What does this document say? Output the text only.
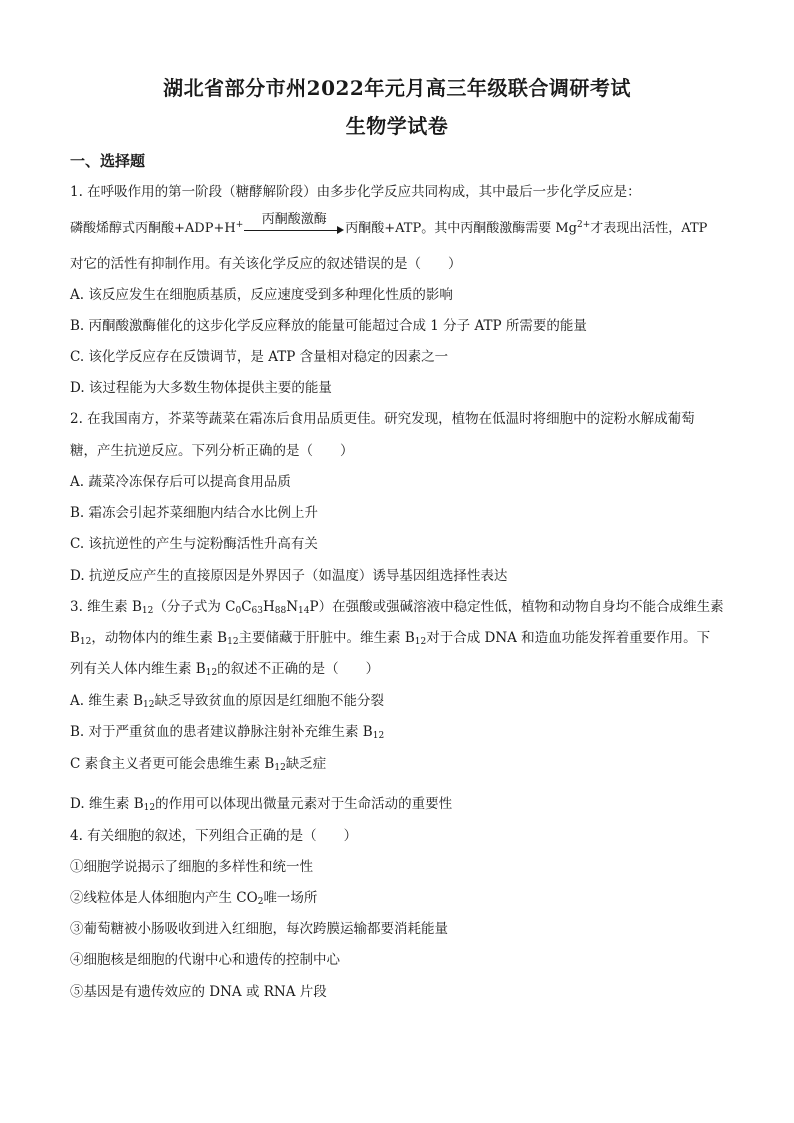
湖北省部分市州2022年元月高三年级联合调研考试
生物学试卷
一、选择题
1. 在呼吸作用的第一阶段（糖酵解阶段）由多步化学反应共同构成，其中最后一步化学反应是：
磷酸烯醇式丙酮酸+ADP+H+	丙酮酸激酶
丙酮酸+ATP。其中丙酮酸激酶需要 $Mg^{2+}$才表现出活性，ATP
对它的活性有抑制作用。有关该化学反应的叙述错误的是（　　）
A. 该反应发生在细胞质基质，反应速度受到多种理化性质的影响
B. 丙酮酸激酶催化的这步化学反应释放的能量可能超过合成 1 分子 ATP 所需要的能量
C. 该化学反应存在反馈调节，是 ATP 含量相对稳定的因素之一
D. 该过程能为大多数生物体提供主要的能量
2. 在我国南方，芥菜等蔬菜在霜冻后食用品质更佳。研究发现，植物在低温时将细胞中的淀粉水解成葡萄
糖，产生抗逆反应。下列分析正确的是（　　）
A. 蔬菜冷冻保存后可以提高食用品质
B. 霜冻会引起芥菜细胞内结合水比例上升
C. 该抗逆性的产生与淀粉酶活性升高有关
D. 抗逆反应产生的直接原因是外界因子（如温度）诱导基因组选择性表达
3. 维生素 $B_{12}$（分子式为 $C_0C_{63}H_{88}N_{14}P$）在强酸或强碱溶液中稳定性低，植物和动物自身均不能合成维生素
$B_{12}$，动物体内的维生素 $B_{12}$主要储藏于肝脏中。维生素 $B_{12}$对于合成 DNA 和造血功能发挥着重要作用。下
列有关人体内维生素 $B_{12}$的叙述不正确的是（　　）
A. 维生素 $B_{12}$缺乏导致贫血的原因是红细胞不能分裂
B. 对于严重贫血的患者建议静脉注射补充维生素 $B_{12}$
C 素食主义者更可能会患维生素 $B_{12}$缺乏症
D. 维生素 $B_{12}$的作用可以体现出微量元素对于生命活动的重要性
4. 有关细胞的叙述，下列组合正确的是（　　）
①细胞学说揭示了细胞的多样性和统一性
②线粒体是人体细胞内产生 $CO_2$唯一场所
③葡萄糖被小肠吸收到进入红细胞，每次跨膜运输都要消耗能量
④细胞核是细胞的代谢中心和遗传的控制中心
⑤基因是有遗传效应的 DNA 或 RNA 片段
